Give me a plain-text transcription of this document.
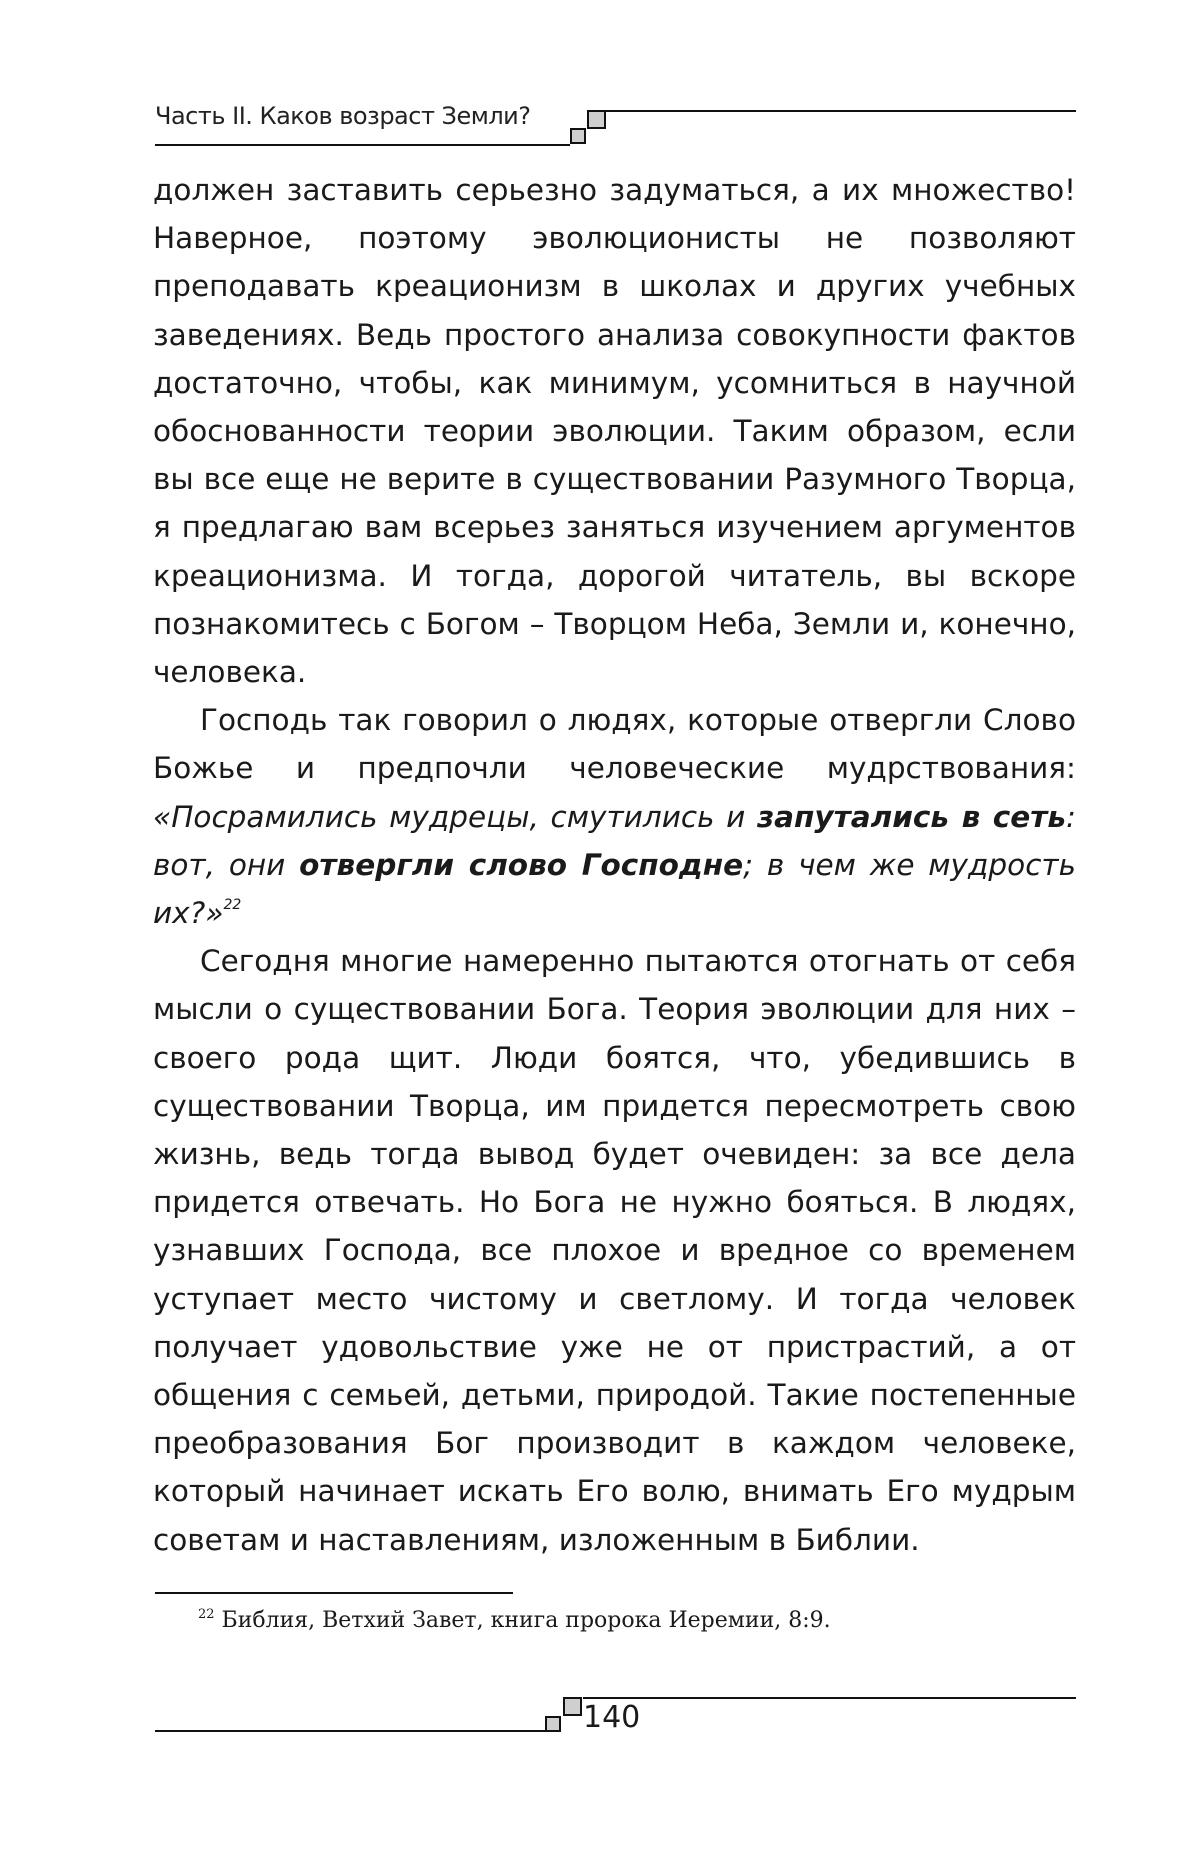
Часть II. Каков возраст Земли?

должен заставить серьезно задуматься, а их множество! Наверное, поэтому эволюционисты не позволяют преподавать креационизм в школах и других учебных заведениях. Ведь простого анализа совокупности фактов достаточно, чтобы, как минимум, усомниться в научной обоснованности теории эволюции. Таким образом, если вы все еще не верите в существовании Разумного Творца, я предлагаю вам всерьез заняться изучением аргументов креационизма. И тогда, дорогой читатель, вы вскоре познакомитесь с Богом – Творцом Неба, Земли и, конечно, человека.

Господь так говорил о людях, которые отвергли Слово Божье и предпочли человеческие мудрствования: «Посрамились мудрецы, смутились и запутались в сеть: вот, они отвергли слово Господне; в чем же мудрость их?»$^{22}$

Сегодня многие намеренно пытаются отогнать от себя мысли о существовании Бога. Теория эволюции для них – своего рода щит. Люди боятся, что, убедившись в существовании Творца, им придется пересмотреть свою жизнь, ведь тогда вывод будет очевиден: за все дела придется отвечать. Но Бога не нужно бояться. В людях, узнавших Господа, все плохое и вредное со временем уступает место чистому и светлому. И тогда человек получает удовольствие уже не от пристрастий, а от общения с семьей, детьми, природой. Такие постепенные преобразования Бог производит в каждом человеке, который начинает искать Его волю, внимать Его мудрым советам и наставлениям, изложенным в Библии.

$^{22}$ Библия, Ветхий Завет, книга пророка Иеремии, 8:9.
140
